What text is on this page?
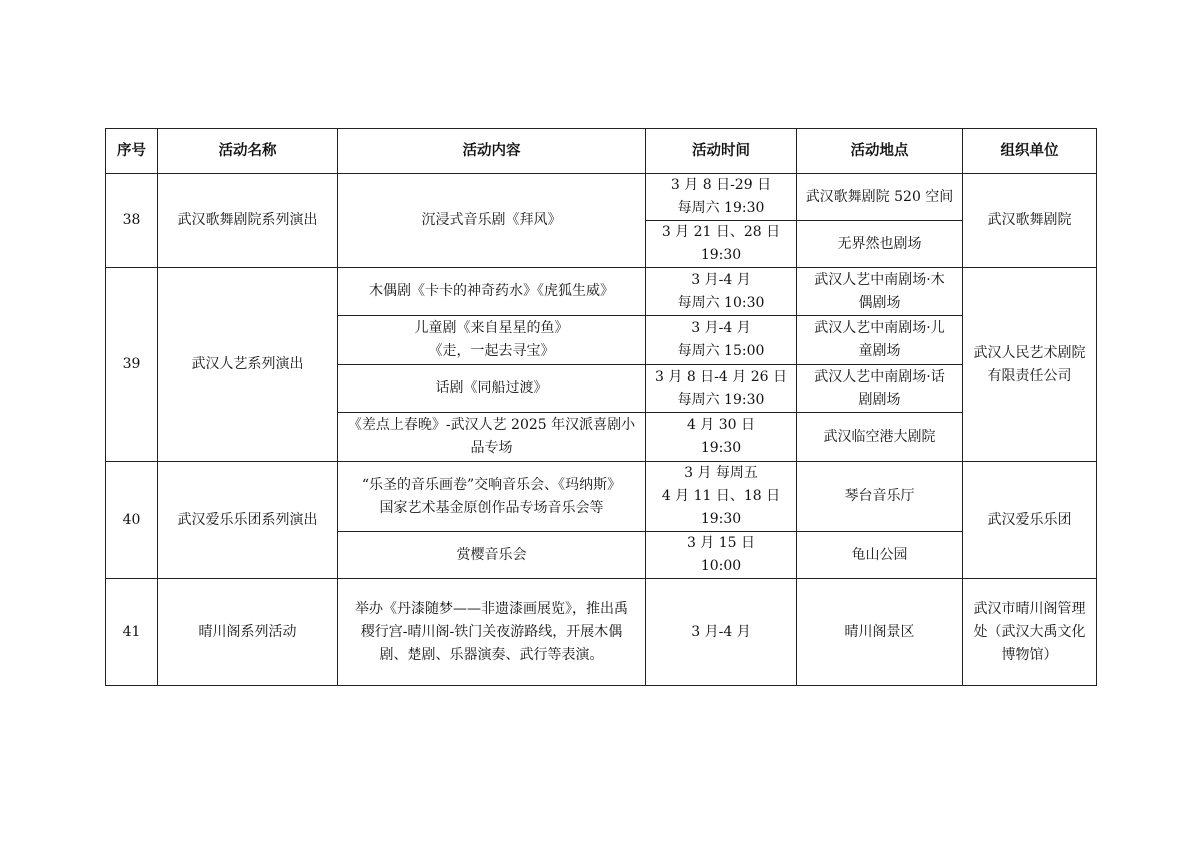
序号	活动名称	活动内容	活动时间	活动地点	组织单位
38	武汉歌舞剧院系列演出	沉浸式音乐剧《拜风》	3 月 8 日-29 日
每周六 19:30	武汉歌舞剧院 520 空间	武汉歌舞剧院

			3 月 21 日、28 日
19:30	无界然也剧场	
39	武汉人艺系列演出	木偶剧《卡卡的神奇药水》《虎狐生威》	3 月-4 月
每周六 10:30	武汉人艺中南剧场·木
偶剧场	武汉人民艺术剧院
有限责任公司

		儿童剧《来自星星的鱼》
《走，一起去寻宝》	3 月-4 月
每周六 15:00	武汉人艺中南剧场·儿
童剧场	

		话剧《同船过渡》	3 月 8 日-4 月 26 日
每周六 19:30	武汉人艺中南剧场·话
剧剧场	

		《差点上春晚》-武汉人艺 2025 年汉派喜剧小
品专场	4 月 30 日
19:30	武汉临空港大剧院	
40	武汉爱乐乐团系列演出	“乐圣的音乐画卷”交响音乐会、《玛纳斯》
国家艺术基金原创作品专场音乐会等	3 月 每周五
4 月 11 日、18 日
19:30	琴台音乐厅	武汉爱乐乐团
		赏樱音乐会	3 月 15 日
10:00	龟山公园	
41	晴川阁系列活动	举办《丹漆随梦——非遗漆画展览》，推出禹
稷行宫-晴川阁-铁门关夜游路线，开展木偶
剧、楚剧、乐器演奏、武行等表演。	3 月-4 月	晴川阁景区	武汉市晴川阁管理
处（武汉大禹文化
博物馆）
